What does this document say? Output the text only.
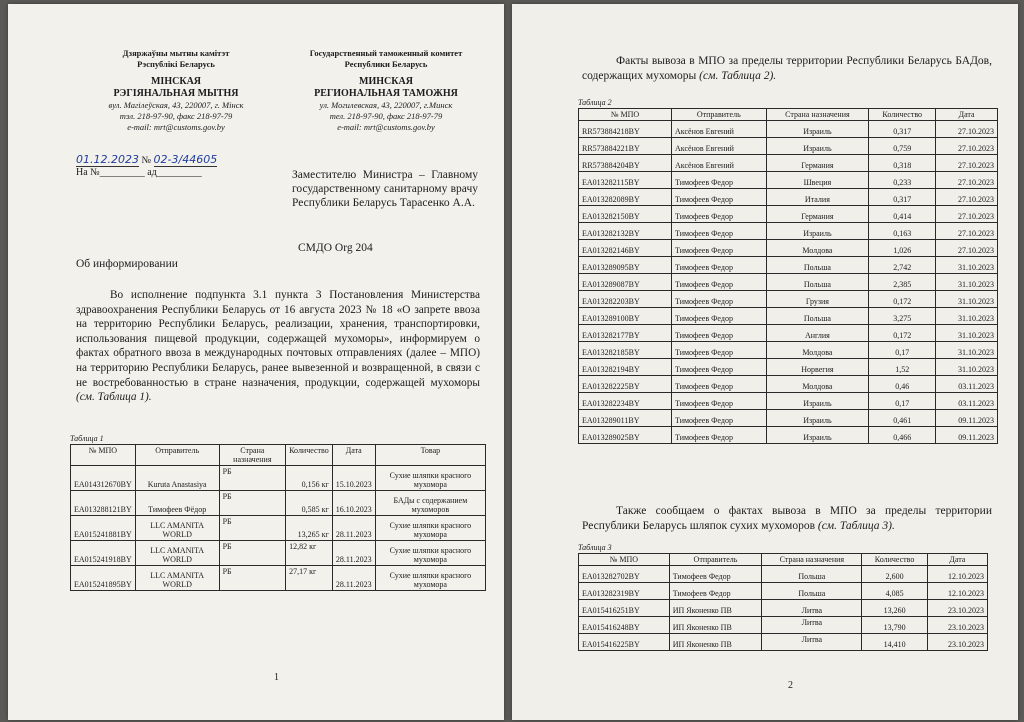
Дзяржаўны мытны камітэт
Рэспублікі Беларусь
МІНСКАЯ
РЭГІЯНАЛЬНАЯ МЫТНЯ
вул. Магілеўская, 43, 220007, г. Мінск
тэл. 218-97-90, факс 218-97-79
e-mail: mrt@customs.gov.by
Государственный таможенный комитет
Республики Беларусь
МИНСКАЯ
РЕГИОНАЛЬНАЯ ТАМОЖНЯ
ул. Могилевская, 43, 220007, г.Минск
тел. 218-97-90, факс 218-97-79
e-mail: mrt@customs.gov.by
01.12.2023 № 02-3/44605
На №_________ ад_________	Заместителю Министра – Главному государственному санитарному врачу Республики Беларусь Тарасенко А.А.
СМДО Org 204
Об информировании
Во исполнение подпункта 3.1 пункта 3 Постановления Министерства здравоохранения Республики Беларусь от 16 августа 2023 № 18 «О запрете ввоза на территорию Республики Беларусь, реализации, хранения, транспортировки, использования пищевой продукции, содержащей мухоморы», информируем о фактах обратного ввоза в международных почтовых отправлениях (далее – МПО) на территорию Республики Беларусь, ранее вывезенной и возвращенной, в связи с не востребованностью в стране назначения, продукции, содержащей мухоморы (см. Таблица 1).
Таблица 1
№ МПО	Отправитель	Страна назначения	Количество	Дата	Товар
EA014312670BY	Kuruta Anastasiya	РБ	0,156 кг	15.10.2023	Сухие шляпки красного мухомора
EA013288121BY	Тимофеев Фёдор	РБ	0,585 кг	16.10.2023	БАДы с содержанием мухоморов
EA015241881BY	LLC AMANITA WORLD	РБ	13,265 кг	28.11.2023	Сухие шляпки красного мухомора
EA015241918BY	LLC AMANITA WORLD	РБ	12,82 кг	28.11.2023	Сухие шляпки красного мухомора
EA015241895BY	LLC AMANITA WORLD	РБ	27,17 кг	28.11.2023	Сухие шляпки красного мухомора
1
Факты вывоза в МПО за пределы территории Республики Беларусь БАДов, содержащих мухоморы (см. Таблица 2).
Таблица 2
№ МПО	Отправитель	Страна назначения	Количество	Дата
RR573884218BY	Аксёнов Евгений	Израиль	0,317	27.10.2023
RR573884221BY	Аксёнов Евгений	Израиль	0,759	27.10.2023
RR573884204BY	Аксёнов Евгений	Германия	0,318	27.10.2023
EA013282115BY	Тимофеев Федор	Швеция	0,233	27.10.2023
EA013282089BY	Тимофеев Федор	Италия	0,317	27.10.2023
EA013282150BY	Тимофеев Федор	Германия	0,414	27.10.2023
EA013282132BY	Тимофеев Федор	Израиль	0,163	27.10.2023
EA013282146BY	Тимофеев Федор	Молдова	1,026	27.10.2023
EA013289095BY	Тимофеев Федор	Польша	2,742	31.10.2023
EA013289087BY	Тимофеев Федор	Польша	2,385	31.10.2023
EA013282203BY	Тимофеев Федор	Грузия	0,172	31.10.2023
EA013289100BY	Тимофеев Федор	Польша	3,275	31.10.2023
EA013282177BY	Тимофеев Федор	Англия	0,172	31.10.2023
EA013282185BY	Тимофеев Федор	Молдова	0,17	31.10.2023
EA013282194BY	Тимофеев Федор	Норвегия	1,52	31.10.2023
EA013282225BY	Тимофеев Федор	Молдова	0,46	03.11.2023
EA013282234BY	Тимофеев Федор	Израиль	0,17	03.11.2023
EA013289011BY	Тимофеев Федор	Израиль	0,461	09.11.2023
EA013289025BY	Тимофеев Федор	Израиль	0,466	09.11.2023
Также сообщаем о фактах вывоза в МПО за пределы территории Республики Беларусь шляпок сухих мухоморов (см. Таблица 3).
Таблица 3
№ МПО	Отправитель	Страна назначения	Количество	Дата
EA013282702BY	Тимофеев Федор	Польша	2,600	12.10.2023
EA013282319BY	Тимофеев Федор	Польша	4,085	12.10.2023
EA015416251BY	ИП Яконенко ПВ	Литва	13,260	23.10.2023
EA015416248BY	ИП Яконенко ПВ	Литва	13,790	23.10.2023
EA015416225BY	ИП Яконенко ПВ	Литва	14,410	23.10.2023
2
